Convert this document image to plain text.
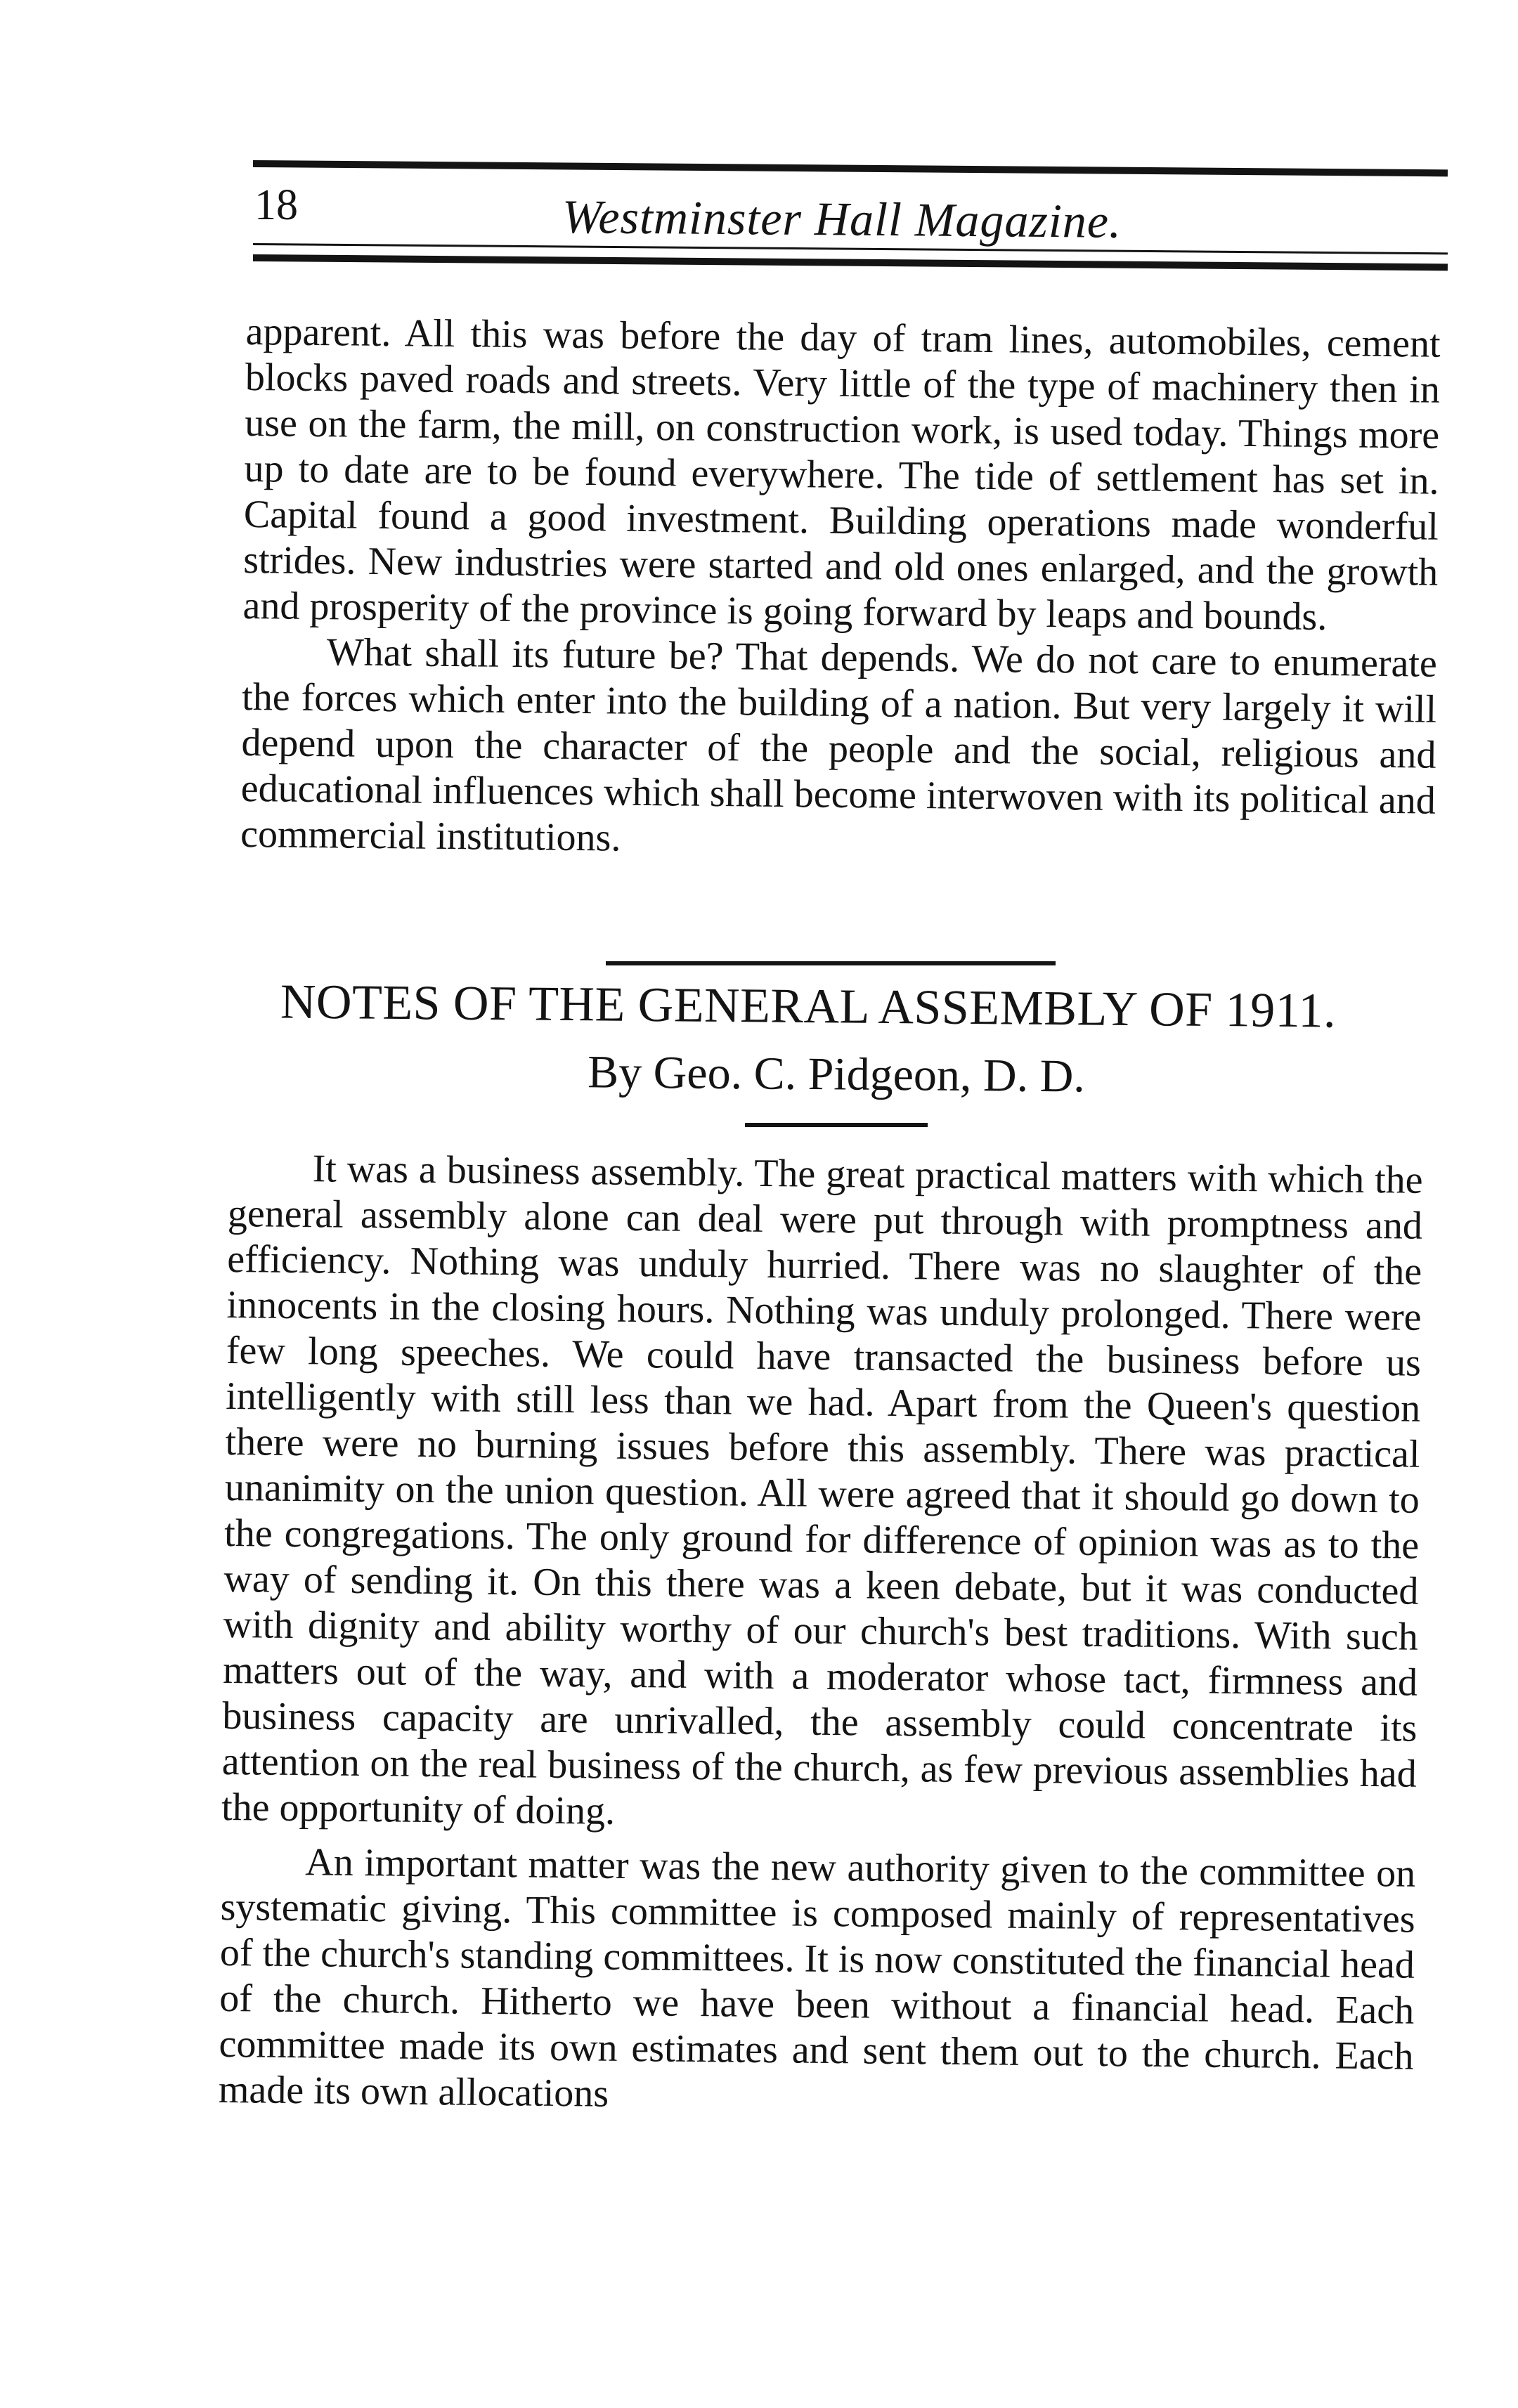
18	Westminster Hall Magazine.

apparent. All this was before the day of tram lines, automobiles, cement blocks paved roads and streets. Very little of the type of machinery then in use on the farm, the mill, on construction work, is used today. Things more up to date are to be found everywhere. The tide of settlement has set in. Capital found a good investment. Building operations made wonderful strides. New industries were started and old ones enlarged, and the growth and prosperity of the province is going forward by leaps and bounds.

What shall its future be? That depends. We do not care to enumerate the forces which enter into the building of a nation. But very largely it will depend upon the character of the people and the social, religious and educational influences which shall become interwoven with its political and commercial institutions.

NOTES OF THE GENERAL ASSEMBLY OF 1911.
By Geo. C. Pidgeon, D. D.

It was a business assembly. The great practical matters with which the general assembly alone can deal were put through with promptness and efficiency. Nothing was unduly hurried. There was no slaughter of the innocents in the closing hours. Nothing was unduly prolonged. There were few long speeches. We could have transacted the business before us intelligently with still less than we had. Apart from the Queen's question there were no burning issues before this assembly. There was practical unanimity on the union question. All were agreed that it should go down to the congregations. The only ground for difference of opinion was as to the way of sending it. On this there was a keen debate, but it was conducted with dignity and ability worthy of our church's best traditions. With such matters out of the way, and with a moderator whose tact, firmness and business capacity are unrivalled, the assembly could concentrate its attention on the real business of the church, as few previous assemblies had the opportunity of doing.

An important matter was the new authority given to the committee on systematic giving. This committee is composed mainly of representatives of the church's standing committees. It is now constituted the financial head of the church. Hitherto we have been without a financial head. Each committee made its own estimates and sent them out to the church. Each made its own allocations
